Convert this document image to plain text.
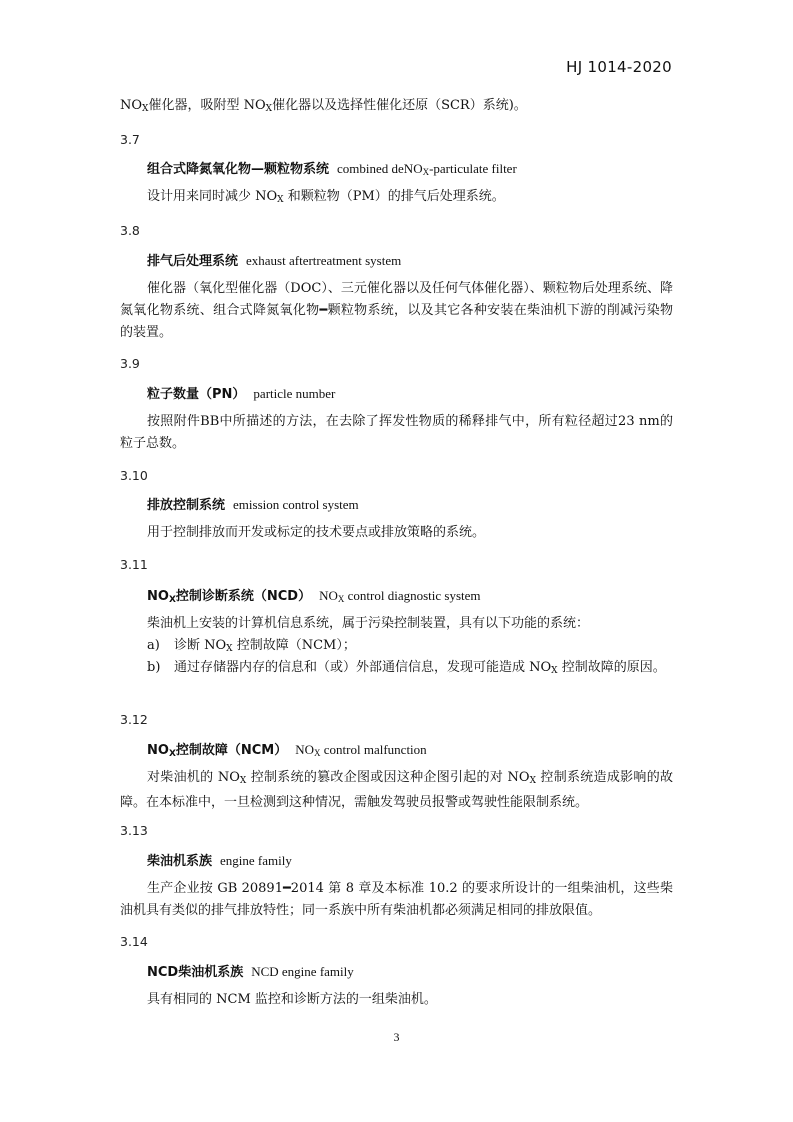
HJ 1014-2020
$NO_X$催化器，吸附型 $NO_X$催化器以及选择性催化还原（SCR）系统)。
3.7
组合式降氮氧化物—颗粒物系统 combined deNO$_X$-particulate filter
设计用来同时减少 $NO_X$ 和颗粒物（PM）的排气后处理系统。
3.8
排气后处理系统 exhaust aftertreatment system
催化器（氧化型催化器（DOC）、三元催化器以及任何气体催化器）、颗粒物后处理系统、降氮氧化物系统、组合式降氮氧化物━颗粒物系统，以及其它各种安装在柴油机下游的削减污染物的装置。
3.9
粒子数量（PN） particle number
按照附件BB中所描述的方法，在去除了挥发性物质的稀释排气中，所有粒径超过23 nm的粒子总数。
3.10
排放控制系统 emission control system
用于控制排放而开发或标定的技术要点或排放策略的系统。
3.11
$NO_X$控制诊断系统（NCD） $NO_X$ control diagnostic system
柴油机上安装的计算机信息系统，属于污染控制装置，具有以下功能的系统：
a)	诊断 $NO_X$ 控制故障（NCM）；
b)	通过存储器内存的信息和（或）外部通信信息，发现可能造成 $NO_X$ 控制故障的原因。
3.12
$NO_X$控制故障（NCM） $NO_X$ control malfunction
对柴油机的 $NO_X$ 控制系统的篡改企图或因这种企图引起的对 $NO_X$ 控制系统造成影响的故障。在本标准中，一旦检测到这种情况，需触发驾驶员报警或驾驶性能限制系统。
3.13
柴油机系族 engine family
生产企业按 GB 20891━2014 第 8 章及本标准 10.2 的要求所设计的一组柴油机，这些柴油机具有类似的排气排放特性；同一系族中所有柴油机都必须满足相同的排放限值。
3.14
NCD柴油机系族 NCD engine family
具有相同的 NCM 监控和诊断方法的一组柴油机。
3
